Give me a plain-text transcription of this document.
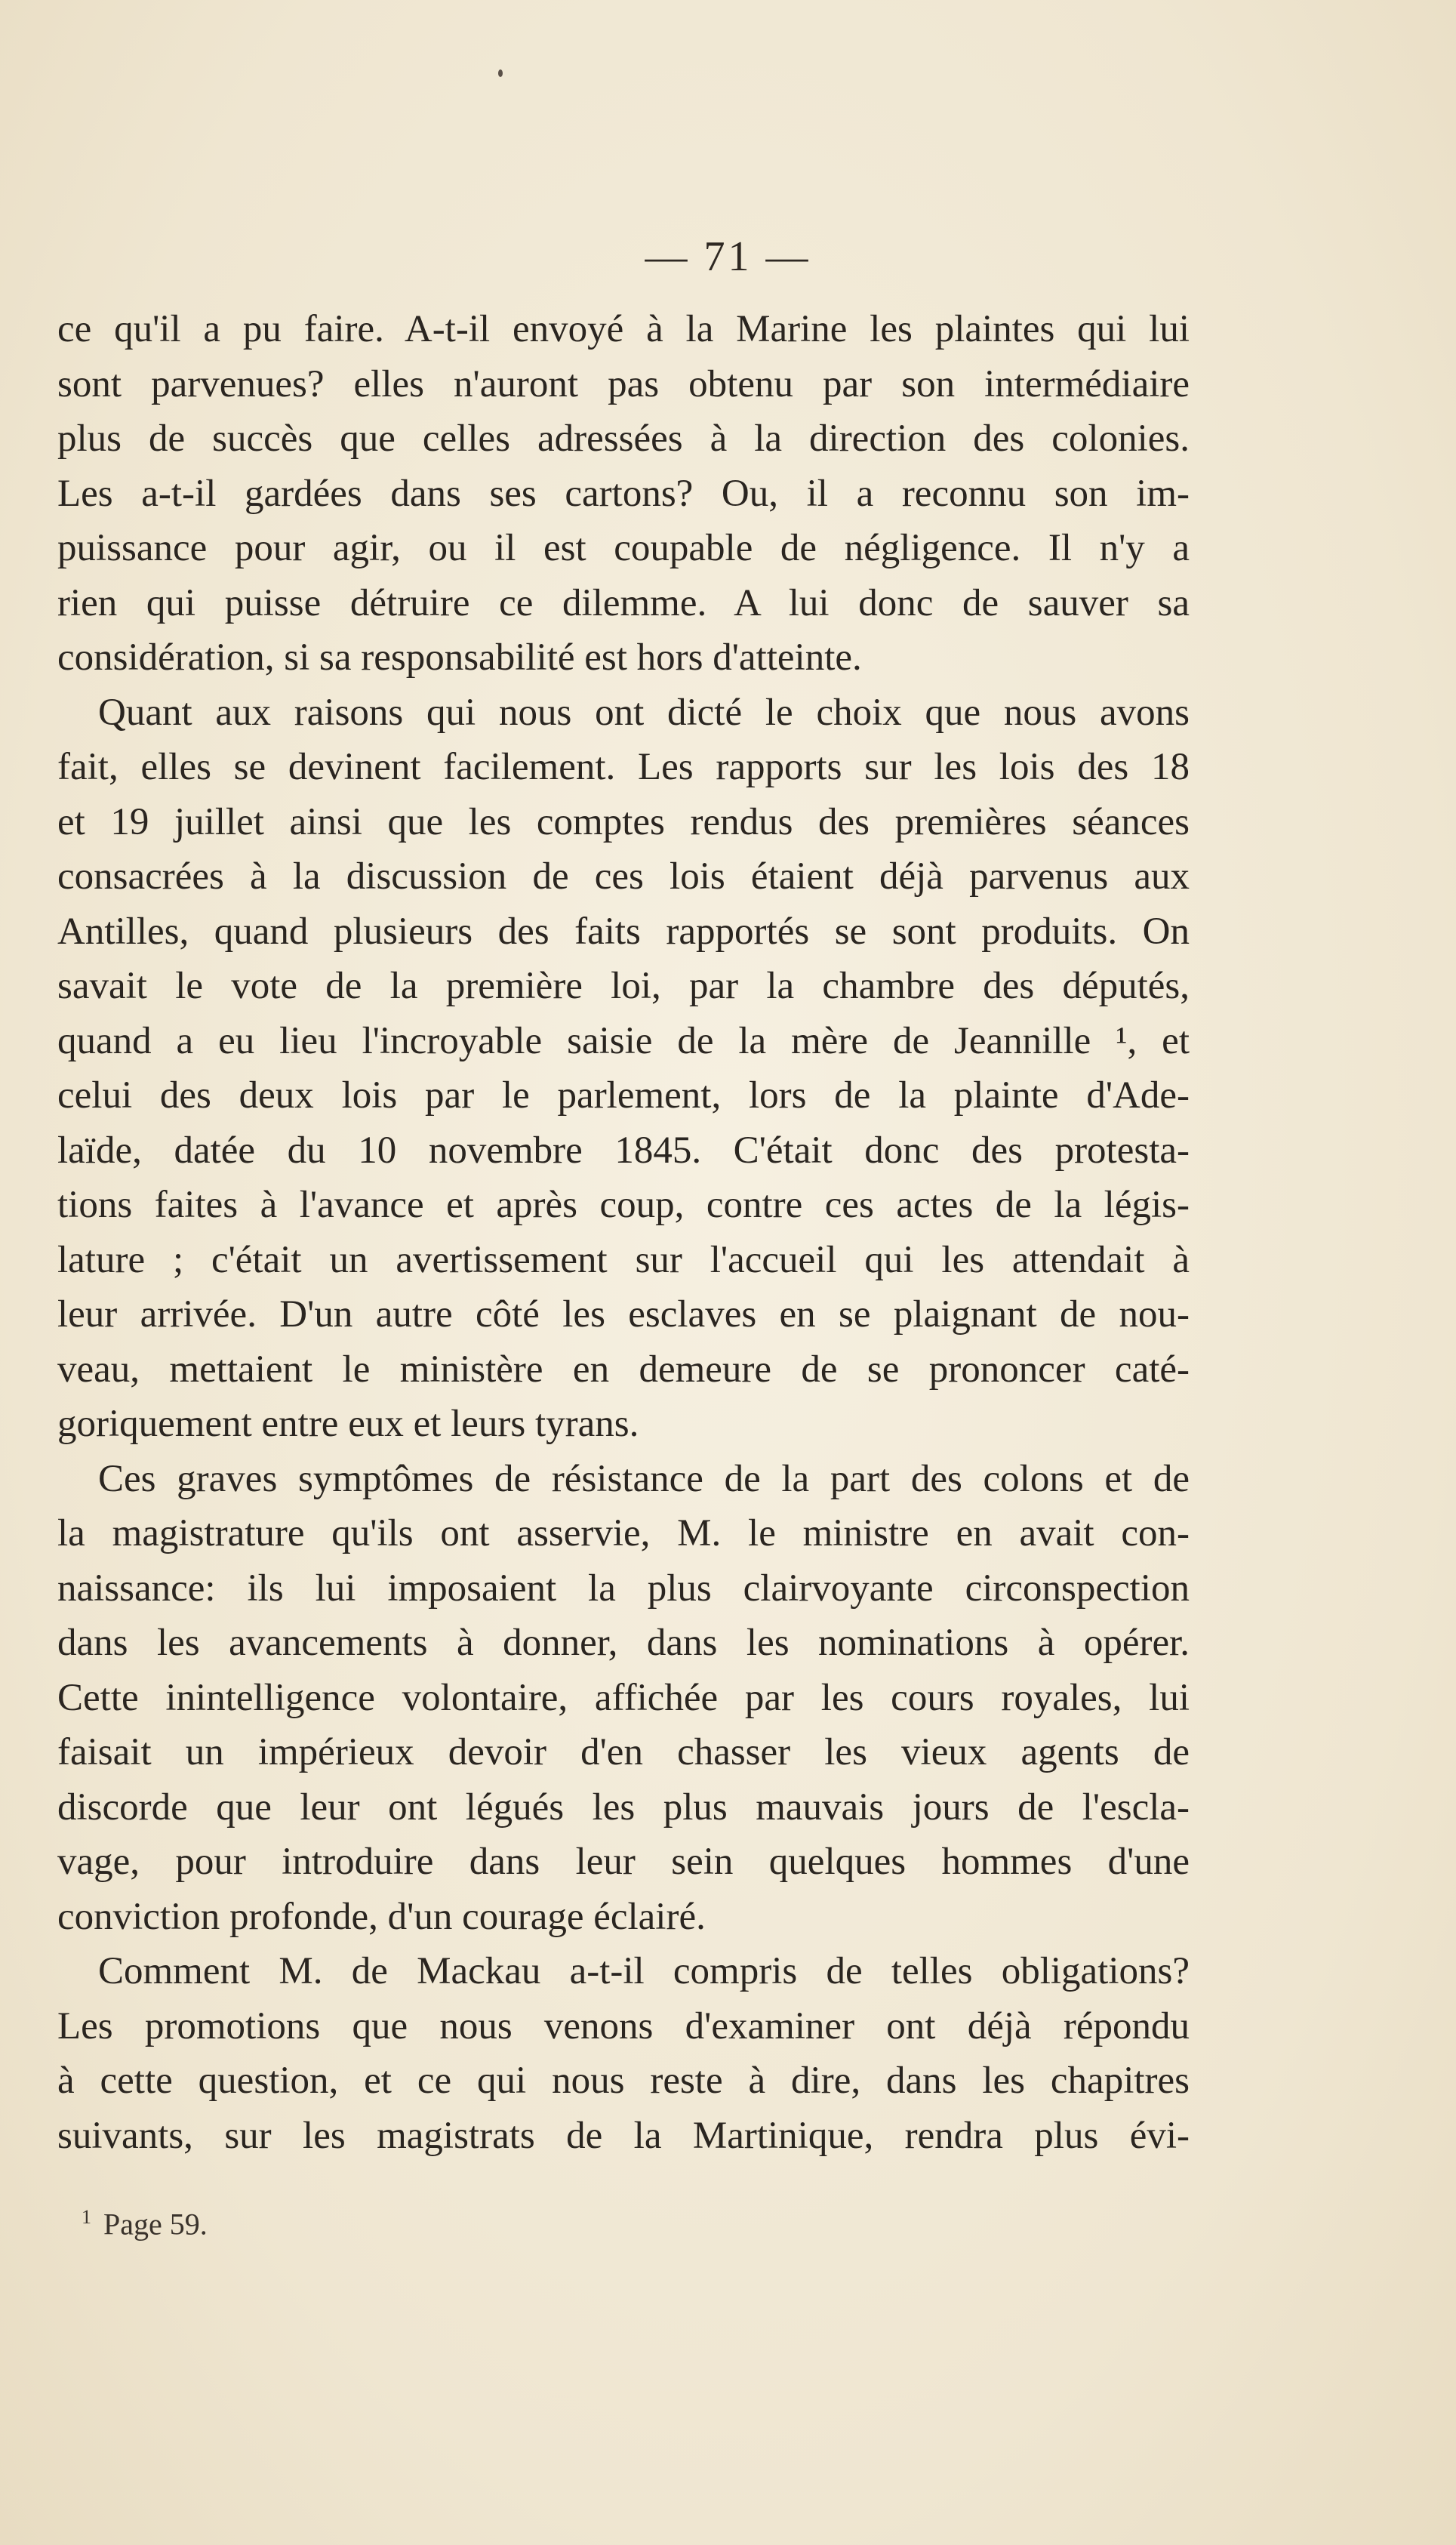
— 71 —
ce qu'il a pu faire. A-t-il envoyé à la Marine les plaintes qui lui
sont parvenues? elles n'auront pas obtenu par son intermédiaire
plus de succès que celles adressées à la direction des colonies.
Les a-t-il gardées dans ses cartons? Ou, il a reconnu son im-
puissance pour agir, ou il est coupable de négligence. Il n'y a
rien qui puisse détruire ce dilemme. A lui donc de sauver sa
considération, si sa responsabilité est hors d'atteinte.
Quant aux raisons qui nous ont dicté le choix que nous avons
fait, elles se devinent facilement. Les rapports sur les lois des 18
et 19 juillet ainsi que les comptes rendus des premières séances
consacrées à la discussion de ces lois étaient déjà parvenus aux
Antilles, quand plusieurs des faits rapportés se sont produits. On
savait le vote de la première loi, par la chambre des députés,
quand a eu lieu l'incroyable saisie de la mère de Jeannille ¹, et
celui des deux lois par le parlement, lors de la plainte d'Ade-
laïde, datée du 10 novembre 1845. C'était donc des protesta-
tions faites à l'avance et après coup, contre ces actes de la légis-
lature ; c'était un avertissement sur l'accueil qui les attendait à
leur arrivée. D'un autre côté les esclaves en se plaignant de nou-
veau, mettaient le ministère en demeure de se prononcer caté-
goriquement entre eux et leurs tyrans.
Ces graves symptômes de résistance de la part des colons et de
la magistrature qu'ils ont asservie, M. le ministre en avait con-
naissance: ils lui imposaient la plus clairvoyante circonspection
dans les avancements à donner, dans les nominations à opérer.
Cette inintelligence volontaire, affichée par les cours royales, lui
faisait un impérieux devoir d'en chasser les vieux agents de
discorde que leur ont légués les plus mauvais jours de l'escla-
vage, pour introduire dans leur sein quelques hommes d'une
conviction profonde, d'un courage éclairé.
Comment M. de Mackau a-t-il compris de telles obligations?
Les promotions que nous venons d'examiner ont déjà répondu
à cette question, et ce qui nous reste à dire, dans les chapitres
suivants, sur les magistrats de la Martinique, rendra plus évi-
$^1$ Page 59.
